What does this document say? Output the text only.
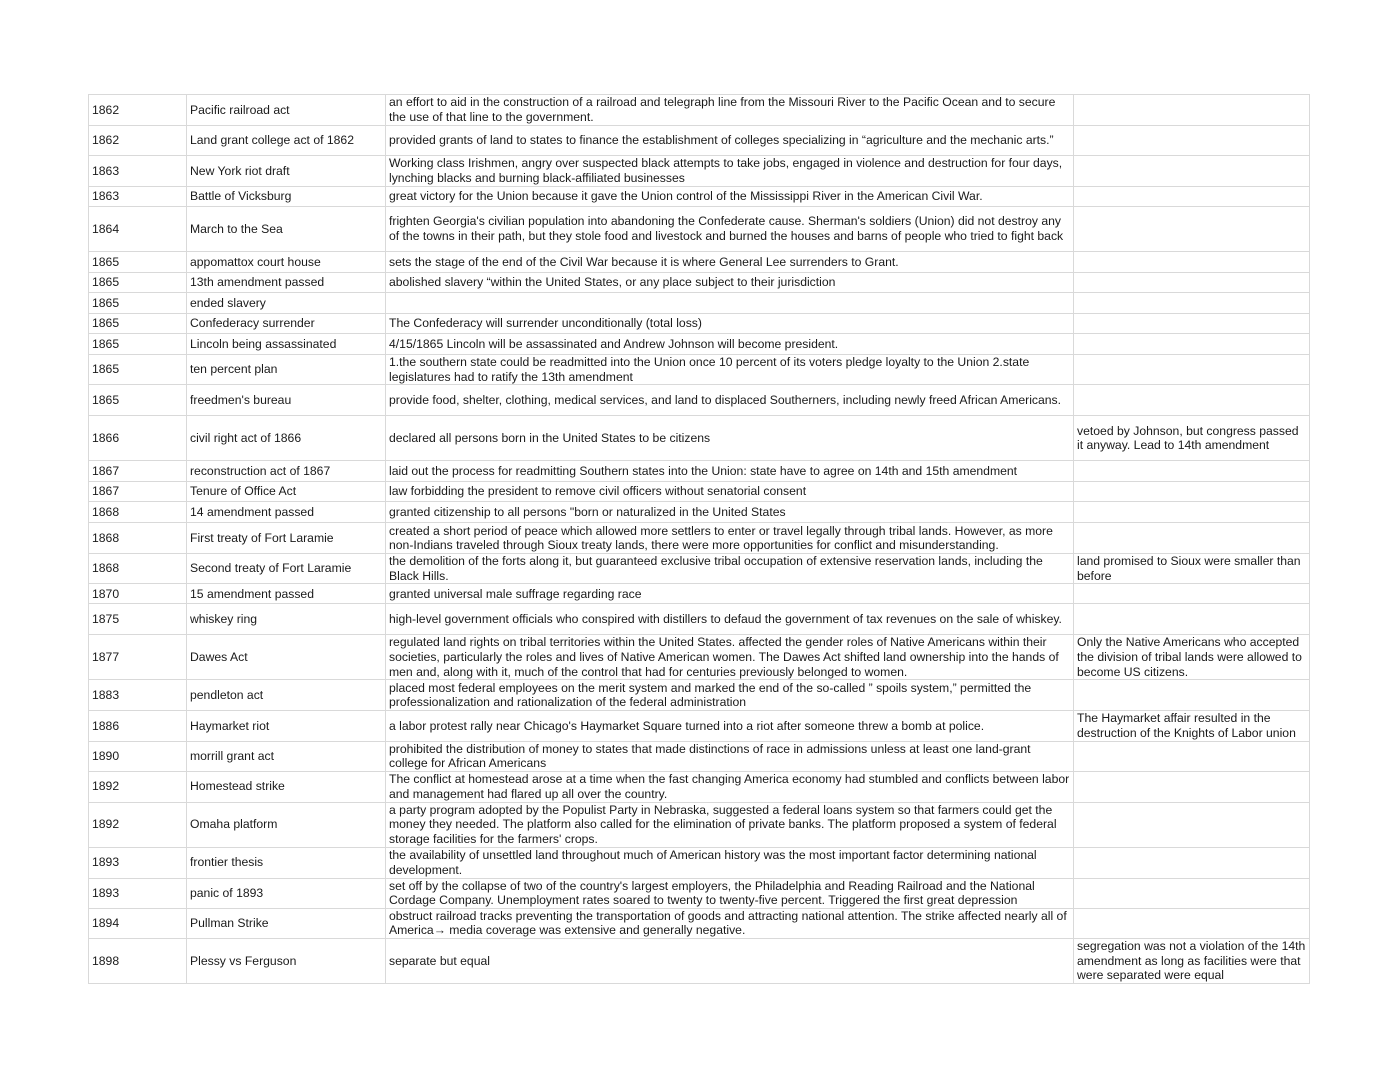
1862	Pacific railroad act	an effort to aid in the construction of a railroad and telegraph line from the Missouri River to the Pacific Ocean and to secure the use of that line to the government.	
1862	Land grant college act of 1862	provided grants of land to states to finance the establishment of colleges specializing in “agriculture and the mechanic arts.”	
1863	New York riot draft	Working class Irishmen, angry over suspected black attempts to take jobs, engaged in violence and destruction for four days, lynching blacks and burning black-affiliated businesses	
1863	Battle of Vicksburg	great victory for the Union because it gave the Union control of the Mississippi River in the American Civil War.	
1864	March to the Sea	frighten Georgia's civilian population into abandoning the Confederate cause. Sherman's soldiers (Union) did not destroy any of the towns in their path, but they stole food and livestock and burned the houses and barns of people who tried to fight back	
1865	appomattox court house	sets the stage of the end of the Civil War because it is where General Lee surrenders to Grant.	
1865	13th amendment passed	abolished slavery “within the United States, or any place subject to their jurisdiction	
1865	ended slavery		
1865	Confederacy surrender	The Confederacy will surrender unconditionally (total loss)	
1865	Lincoln being assassinated	4/15/1865 Lincoln will be assassinated and Andrew Johnson will become president.	
1865	ten percent plan	1.the southern state could be readmitted into the Union once 10 percent of its voters pledge loyalty to the Union 2.state legislatures had to ratify the 13th amendment	
1865	freedmen's bureau	provide food, shelter, clothing, medical services, and land to displaced Southerners, including newly freed African Americans.	
1866	civil right act of 1866	declared all persons born in the United States to be citizens	vetoed by Johnson, but congress passed it anyway. Lead to 14th amendment
1867	reconstruction act of 1867	laid out the process for readmitting Southern states into the Union: state have to agree on 14th and 15th amendment	
1867	Tenure of Office Act	law forbidding the president to remove civil officers without senatorial consent	
1868	14 amendment passed	granted citizenship to all persons "born or naturalized in the United States	
1868	First treaty of Fort Laramie	created a short period of peace which allowed more settlers to enter or travel legally through tribal lands. However, as more non-Indians traveled through Sioux treaty lands, there were more opportunities for conflict and misunderstanding.	
1868	Second treaty of Fort Laramie	the demolition of the forts along it, but guaranteed exclusive tribal occupation of extensive reservation lands, including the Black Hills.	land promised to Sioux were smaller than before
1870	15 amendment passed	granted universal male suffrage regarding race	
1875	whiskey ring	high-level government officials who conspired with distillers to defaud the government of tax revenues on the sale of whiskey.	
1877	Dawes Act	regulated land rights on tribal territories within the United States. affected the gender roles of Native Americans within their societies, particularly the roles and lives of Native American women. The Dawes Act shifted land ownership into the hands of men and, along with it, much of the control that had for centuries previously belonged to women.	Only the Native Americans who accepted the division of tribal lands were allowed to become US citizens.
1883	pendleton act	placed most federal employees on the merit system and marked the end of the so-called ” spoils system,” permitted the professionalization and rationalization of the federal administration	
1886	Haymarket riot	a labor protest rally near Chicago's Haymarket Square turned into a riot after someone threw a bomb at police.	The Haymarket affair resulted in the destruction of the Knights of Labor union
1890	morrill grant act	prohibited the distribution of money to states that made distinctions of race in admissions unless at least one land-grant college for African Americans	
1892	Homestead strike	The conflict at homestead arose at a time when the fast changing America economy had stumbled and conflicts between labor and management had flared up all over the country.	
1892	Omaha platform	a party program adopted by the Populist Party in Nebraska, suggested a federal loans system so that farmers could get the money they needed. The platform also called for the elimination of private banks. The platform proposed a system of federal storage facilities for the farmers' crops.	
1893	frontier thesis	the availability of unsettled land throughout much of American history was the most important factor determining national development.	
1893	panic of 1893	set off by the collapse of two of the country's largest employers, the Philadelphia and Reading Railroad and the National Cordage Company. Unemployment rates soared to twenty to twenty-five percent. Triggered the first great depression	
1894	Pullman Strike	obstruct railroad tracks preventing the transportation of goods and attracting national attention. The strike affected nearly all of America→ media coverage was extensive and generally negative.	
1898	Plessy vs Ferguson	separate but equal	segregation was not a violation of the 14th amendment as long as facilities were that were separated were equal
